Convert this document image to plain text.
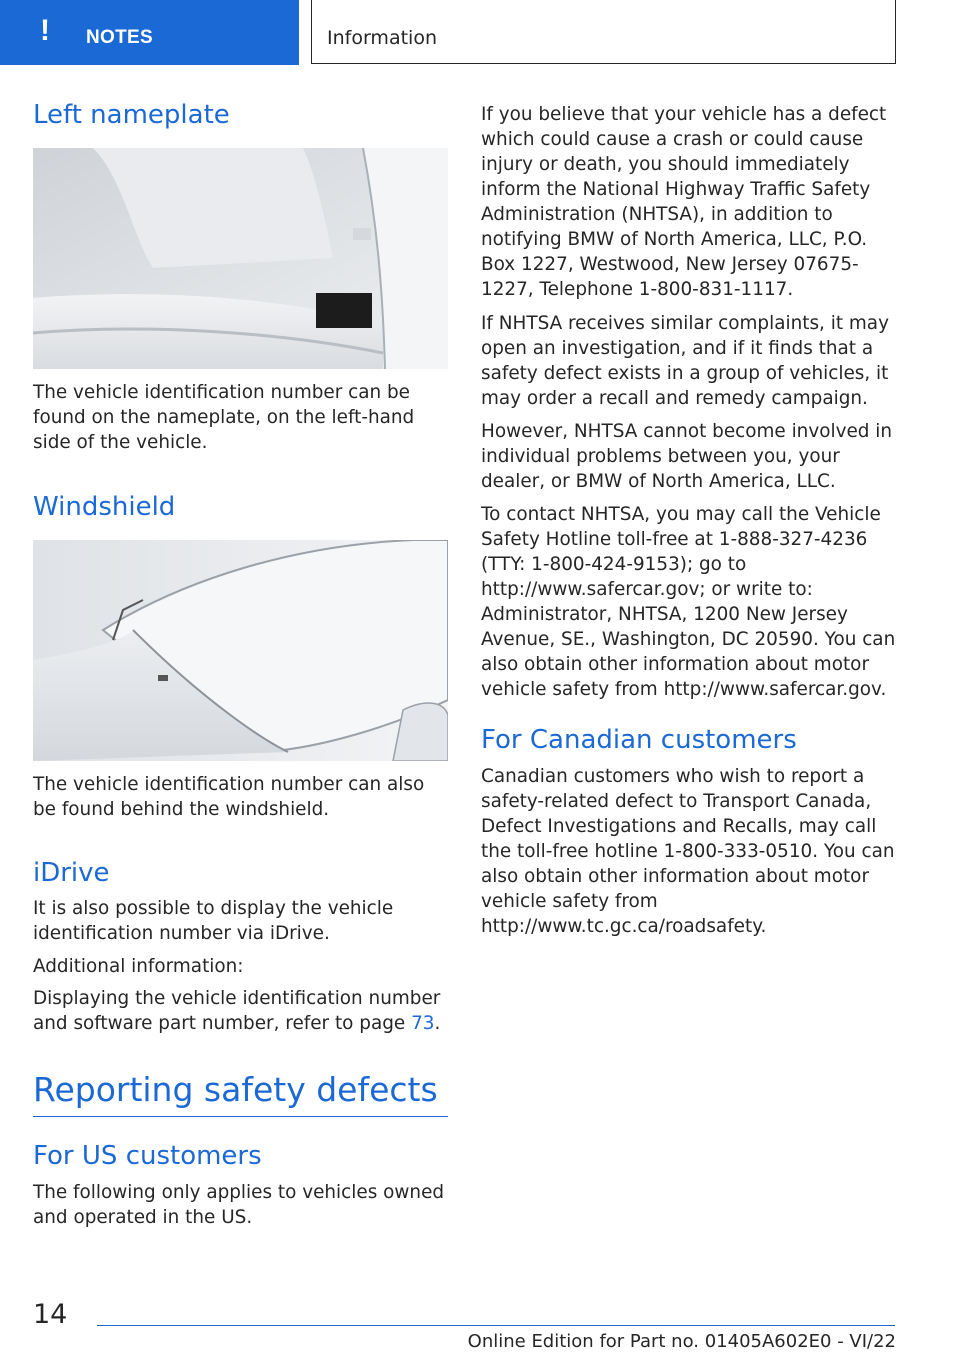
! NOTES	Information
Left nameplate

The vehicle identification number can be found on the nameplate, on the left-hand side of the vehicle.

Windshield

The vehicle identification number can also be found behind the windshield.

iDrive

It is also possible to display the vehicle identification number via iDrive.

Additional information:

Displaying the vehicle identification number and software part number, refer to page 73.

Reporting safety defects
For US customers

The following only applies to vehicles owned and operated in the US.

If you believe that your vehicle has a defect which could cause a crash or could cause injury or death, you should immediately inform the National Highway Traffic Safety Administration (NHTSA), in addition to notifying BMW of North America, LLC, P.O. Box 1227, Westwood, New Jersey 07675-1227, Telephone 1-800-831-1117.

If NHTSA receives similar complaints, it may open an investigation, and if it finds that a safety defect exists in a group of vehicles, it may order a recall and remedy campaign.

However, NHTSA cannot become involved in individual problems between you, your dealer, or BMW of North America, LLC.

To contact NHTSA, you may call the Vehicle Safety Hotline toll-free at 1-888-327-4236 (TTY: 1-800-424-9153); go to http://www.safercar.gov; or write to: Administrator, NHTSA, 1200 New Jersey Avenue, SE., Washington, DC 20590. You can also obtain other information about motor vehicle safety from http://www.safercar.gov.

For Canadian customers

Canadian customers who wish to report a safety-related defect to Transport Canada, Defect Investigations and Recalls, may call the toll-free hotline 1-800-333-0510. You can also obtain other information about motor vehicle safety from http://www.tc.gc.ca/roadsafety.

14
Online Edition for Part no. 01405A602E0 - VI/22
